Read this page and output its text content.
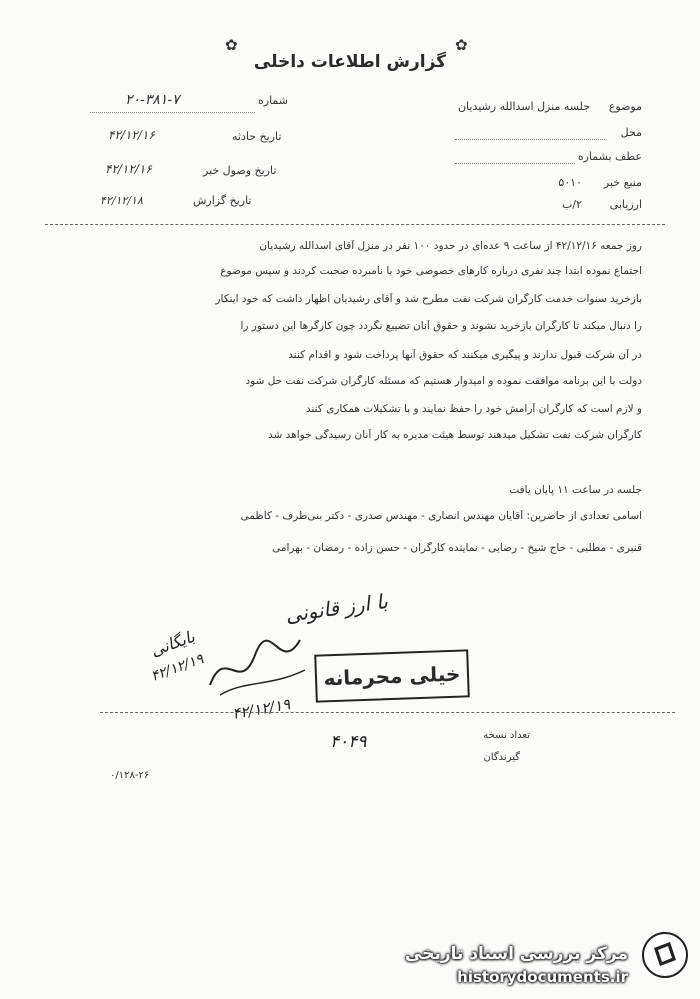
✿	✿
گزارش اطلاعات داخلی
شماره
۲۰-۳۸۱-۷
تاریخ حادثه
۴۲/۱۲/۱۶
تاریخ وصول خبر
۴۲/۱۲/۱۶
تاریخ گزارش
۴۲/۱۲/۱۸
موضوع
جلسه منزل اسدالله رشیدیان
محل
عطف بشماره
منبع خبر
۵۰۱۰
ارزیابی
۲/ب
روز جمعه ۴۲/۱۲/۱۶ از ساعت ۹ عده‌ای در حدود ۱۰۰ نفر در منزل آقای اسدالله رشیدیان
اجتماع نموده ابتدا چند نفری درباره کارهای خصوصی خود با نامبرده صحبت کردند و سپس موضوع
بازخرید سنوات خدمت کارگران شرکت نفت مطرح شد و آقای رشیدیان اظهار داشت که خود اینکار
را دنبال میکند تا کارگران بازخرید نشوند و حقوق آنان تضییع نگردد چون کارگرها این دستور را
در آن شرکت قبول ندارند و پیگیری میکنند که حقوق آنها پرداخت شود و اقدام کنند
دولت با این برنامه موافقت نموده و امیدوار هستیم که مسئله کارگران شرکت نفت حل شود
و لازم است که کارگران آرامش خود را حفظ نمایند و با تشکیلات همکاری کنند
کارگران شرکت نفت تشکیل میدهند توسط هیئت مدیره به کار آنان رسیدگی خواهد شد
جلسه در ساعت ۱۱ پایان یافت
اسامی تعدادی از حاضرین: آقایان مهندس انصاری - مهندس صدری - دکتر بنی‌طرف - کاظمی
قنبری - مطلبی - حاج شیخ - رضایی - نماینده کارگران - حسن زاده - رمضان - بهرامی
با ارز قانونی
خیلی محرمانه
بایگانی
۴۲/۱۲/۱۹
۴۲/۱۲/۱۹
۴۰۴۹	تعداد نسخه
گیرندگان
۰/۱۲۸-۲۶
مرکز بررسی اسناد تاریخی
historydocuments.ir
